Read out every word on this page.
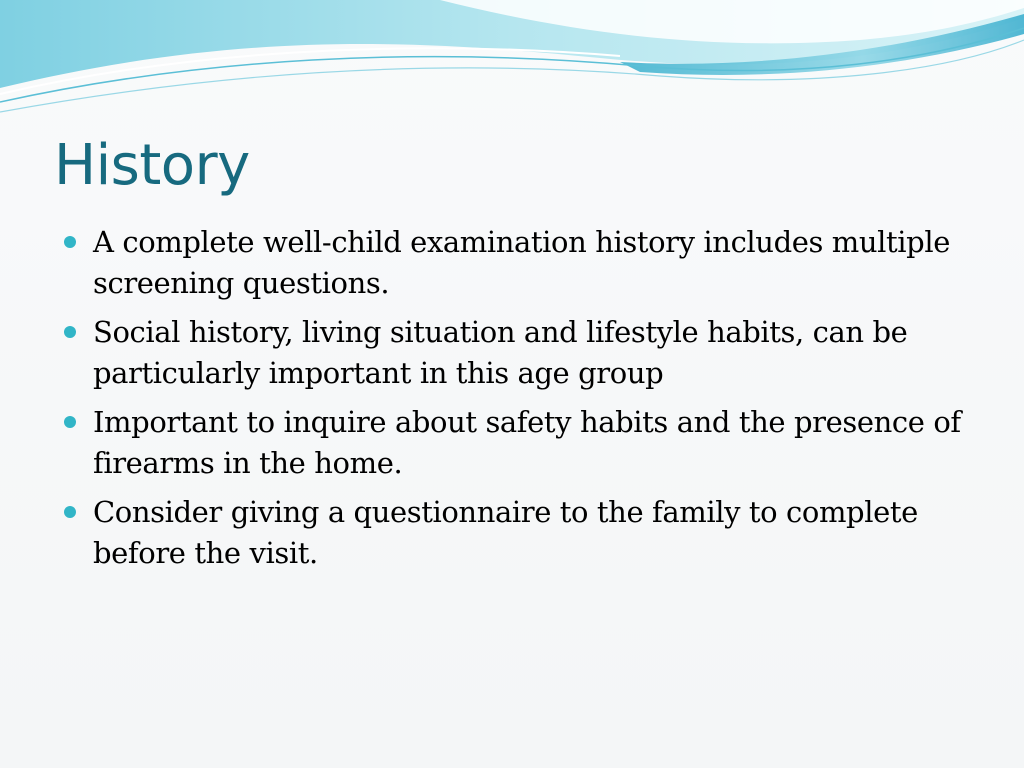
History
A complete well-child examination history includes multiple screening questions.
Social history, living situation and lifestyle habits, can be particularly important in this age group
Important to inquire about safety habits and the presence of firearms in the home.
Consider giving a questionnaire to the family to complete before the visit.
